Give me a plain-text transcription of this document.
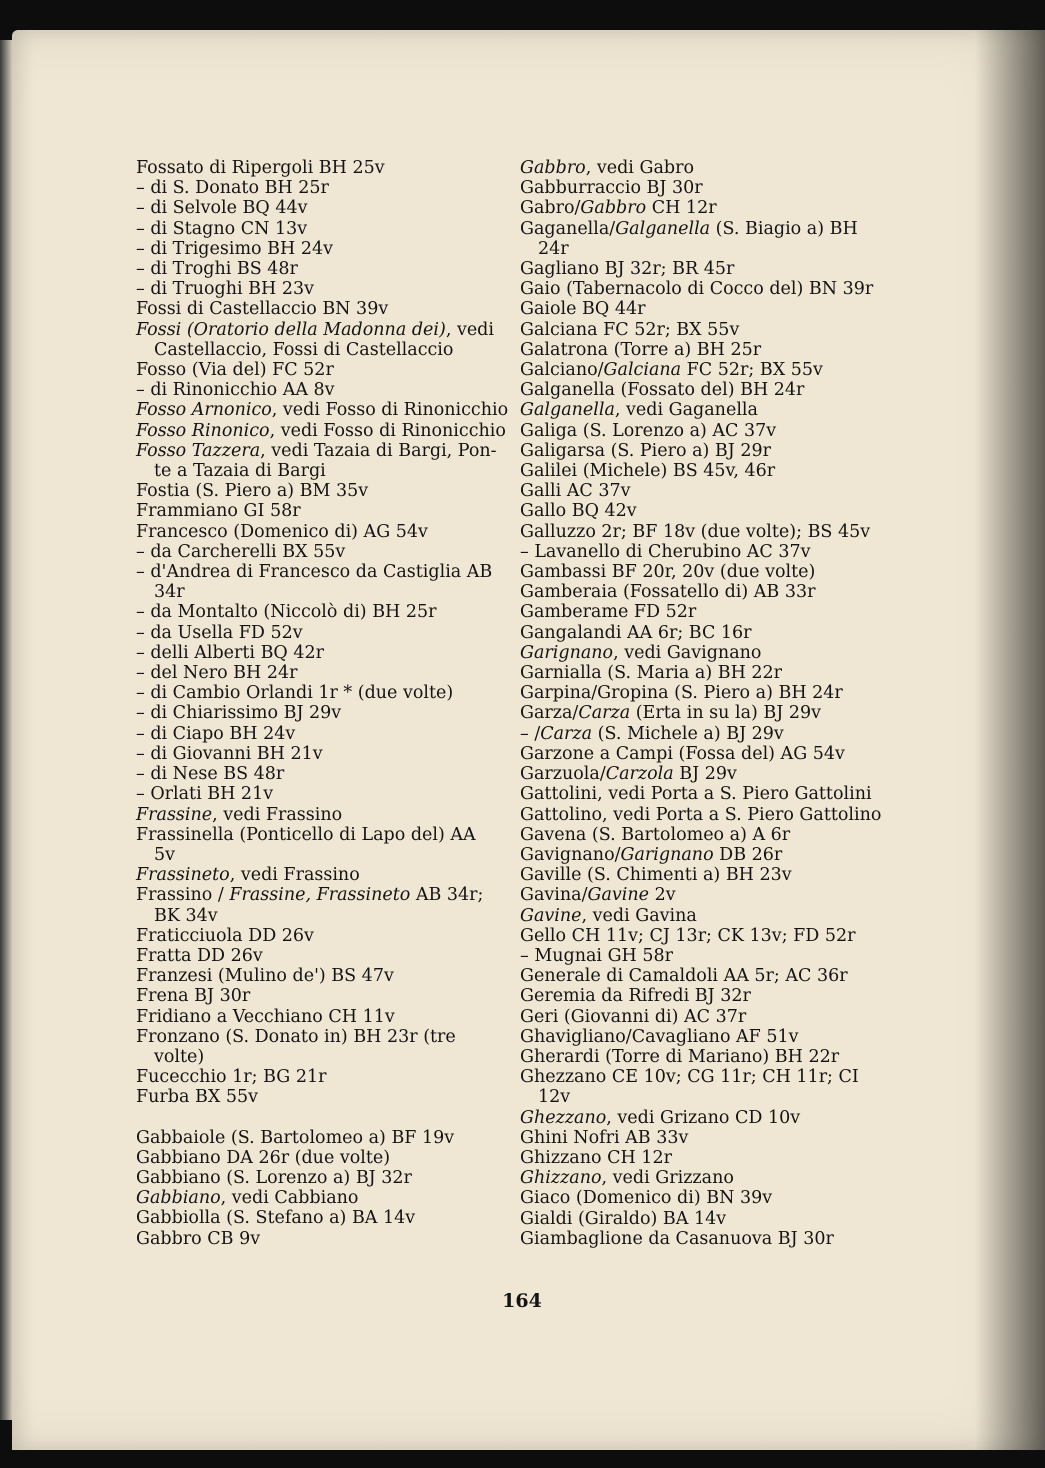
Fossato di Ripergoli BH 25v
– di S. Donato BH 25r
– di Selvole BQ 44v
– di Stagno CN 13v
– di Trigesimo BH 24v
– di Troghi BS 48r
– di Truoghi BH 23v
Fossi di Castellaccio BN 39v
Fossi (Oratorio della Madonna dei), vedi
Castellaccio, Fossi di Castellaccio
Fosso (Via del) FC 52r
– di Rinonicchio AA 8v
Fosso Arnonico, vedi Fosso di Rinonicchio
Fosso Rinonico, vedi Fosso di Rinonicchio
Fosso Tazzera, vedi Tazaia di Bargi, Pon-
te a Tazaia di Bargi
Fostia (S. Piero a) BM 35v
Frammiano GI 58r
Francesco (Domenico di) AG 54v
– da Carcherelli BX 55v
– d'Andrea di Francesco da Castiglia AB
34r
– da Montalto (Niccolò di) BH 25r
– da Usella FD 52v
– delli Alberti BQ 42r
– del Nero BH 24r
– di Cambio Orlandi 1r * (due volte)
– di Chiarissimo BJ 29v
– di Ciapo BH 24v
– di Giovanni BH 21v
– di Nese BS 48r
– Orlati BH 21v
Frassine, vedi Frassino
Frassinella (Ponticello di Lapo del) AA
5v
Frassineto, vedi Frassino
Frassino / Frassine, Frassineto AB 34r;
BK 34v
Fraticciuola DD 26v
Fratta DD 26v
Franzesi (Mulino de') BS 47v
Frena BJ 30r
Fridiano a Vecchiano CH 11v
Fronzano (S. Donato in) BH 23r (tre
volte)
Fucecchio 1r; BG 21r
Furba BX 55v
Gabbaiole (S. Bartolomeo a) BF 19v
Gabbiano DA 26r (due volte)
Gabbiano (S. Lorenzo a) BJ 32r
Gabbiano, vedi Cabbiano
Gabbiolla (S. Stefano a) BA 14v
Gabbro CB 9v
Gabbro, vedi Gabro
Gabburraccio BJ 30r
Gabro/Gabbro CH 12r
Gaganella/Galganella (S. Biagio a) BH
24r
Gagliano BJ 32r; BR 45r
Gaio (Tabernacolo di Cocco del) BN 39r
Gaiole BQ 44r
Galciana FC 52r; BX 55v
Galatrona (Torre a) BH 25r
Galciano/Galciana FC 52r; BX 55v
Galganella (Fossato del) BH 24r
Galganella, vedi Gaganella
Galiga (S. Lorenzo a) AC 37v
Galigarsa (S. Piero a) BJ 29r
Galilei (Michele) BS 45v, 46r
Galli AC 37v
Gallo BQ 42v
Galluzzo 2r; BF 18v (due volte); BS 45v
– Lavanello di Cherubino AC 37v
Gambassi BF 20r, 20v (due volte)
Gamberaia (Fossatello di) AB 33r
Gamberame FD 52r
Gangalandi AA 6r; BC 16r
Garignano, vedi Gavignano
Garnialla (S. Maria a) BH 22r
Garpina/Gropina (S. Piero a) BH 24r
Garza/Carza (Erta in su la) BJ 29v
– /Carza (S. Michele a) BJ 29v
Garzone a Campi (Fossa del) AG 54v
Garzuola/Carzola BJ 29v
Gattolini, vedi Porta a S. Piero Gattolini
Gattolino, vedi Porta a S. Piero Gattolino
Gavena (S. Bartolomeo a) A 6r
Gavignano/Garignano DB 26r
Gaville (S. Chimenti a) BH 23v
Gavina/Gavine 2v
Gavine, vedi Gavina
Gello CH 11v; CJ 13r; CK 13v; FD 52r
– Mugnai GH 58r
Generale di Camaldoli AA 5r; AC 36r
Geremia da Rifredi BJ 32r
Geri (Giovanni di) AC 37r
Ghavigliano/Cavagliano AF 51v
Gherardi (Torre di Mariano) BH 22r
Ghezzano CE 10v; CG 11r; CH 11r; CI
12v
Ghezzano, vedi Grizano CD 10v
Ghini Nofri AB 33v
Ghizzano CH 12r
Ghizzano, vedi Grizzano
Giaco (Domenico di) BN 39v
Gialdi (Giraldo) BA 14v
Giambaglione da Casanuova BJ 30r
164
